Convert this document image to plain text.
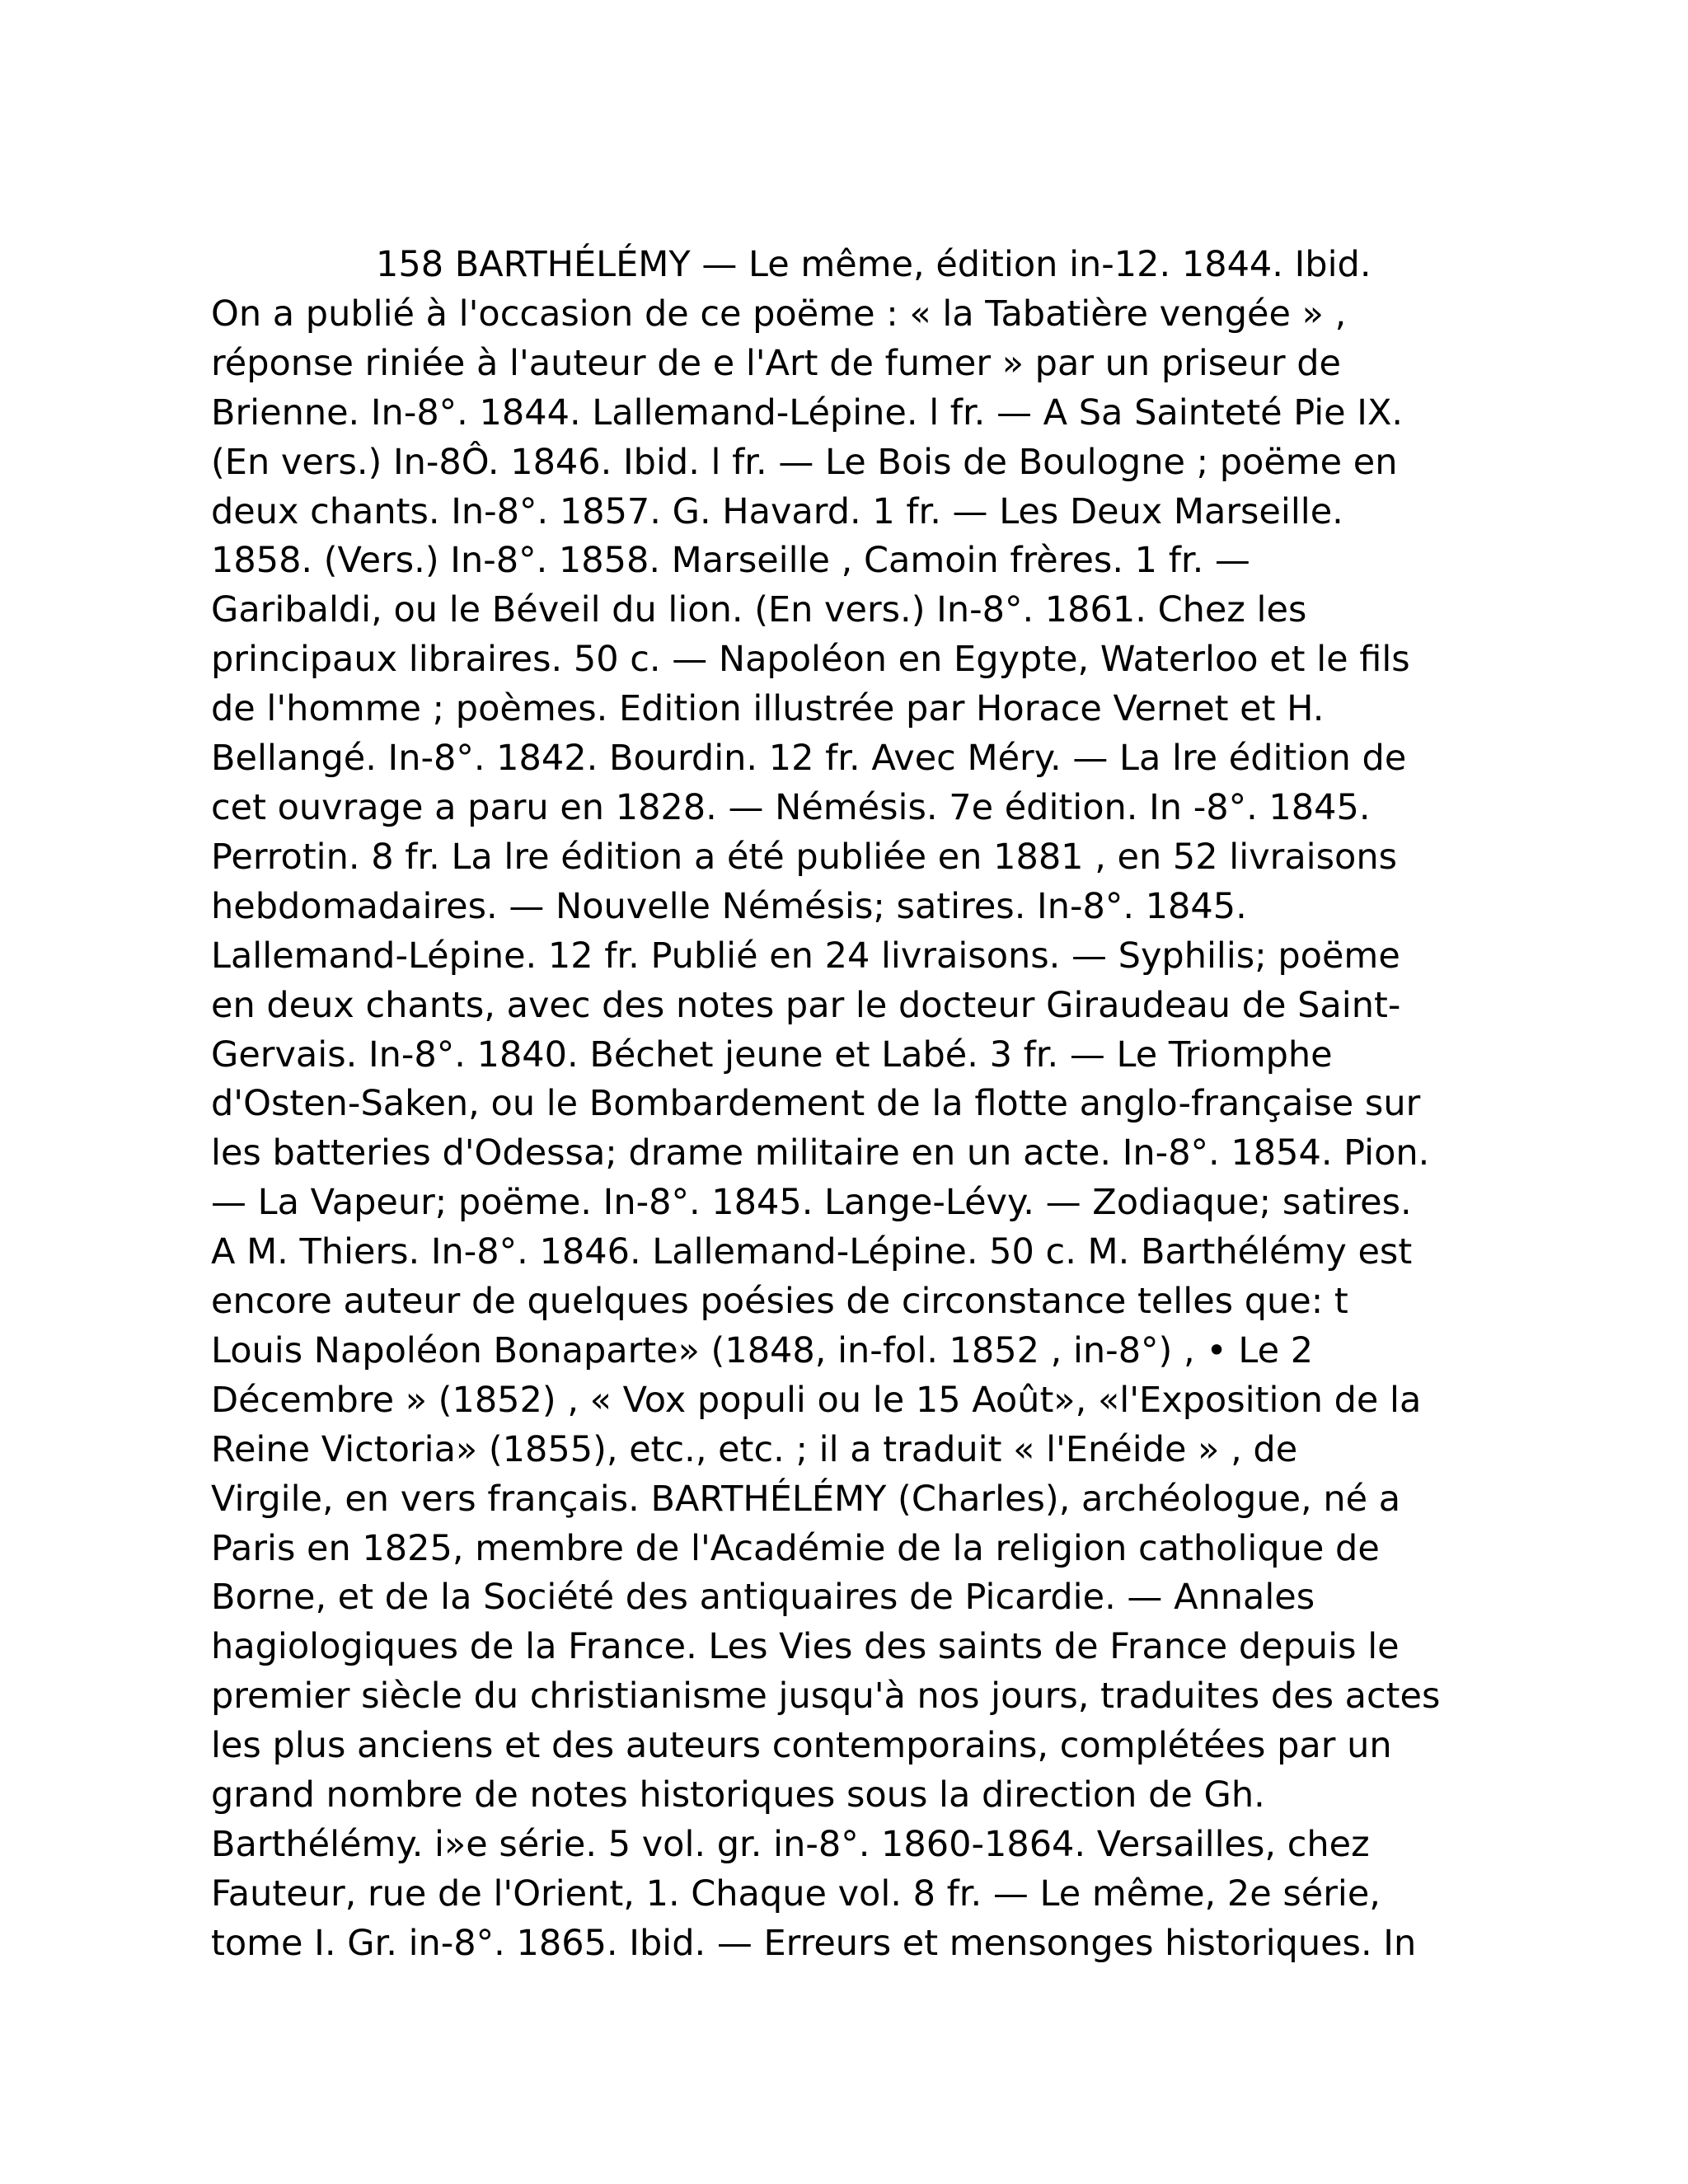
158 BARTHÉLÉMY — Le même, édition in-12. 1844. Ibid.
On a publié à l'occasion de ce poëme : « la Tabatière vengée » ,
réponse riniée à l'auteur de e l'Art de fumer » par un priseur de
Brienne. In-8°. 1844. Lallemand-Lépine. l fr. — A Sa Sainteté Pie IX.
(En vers.) In-8Ô. 1846. Ibid. l fr. — Le Bois de Boulogne ; poëme en
deux chants. In-8°. 1857. G. Havard. 1 fr. — Les Deux Marseille.
1858. (Vers.) In-8°. 1858. Marseille , Camoin frères. 1 fr. —
Garibaldi, ou le Béveil du lion. (En vers.) In-8°. 1861. Chez les
principaux libraires. 50 c. — Napoléon en Egypte, Waterloo et le fils
de l'homme ; poèmes. Edition illustrée par Horace Vernet et H.
Bellangé. In-8°. 1842. Bourdin. 12 fr. Avec Méry. — La lre édition de
cet ouvrage a paru en 1828. — Némésis. 7e édition. In -8°. 1845.
Perrotin. 8 fr. La lre édition a été publiée en 1881 , en 52 livraisons
hebdomadaires. — Nouvelle Némésis; satires. In-8°. 1845.
Lallemand-Lépine. 12 fr. Publié en 24 livraisons. — Syphilis; poëme
en deux chants, avec des notes par le docteur Giraudeau de Saint-
Gervais. In-8°. 1840. Béchet jeune et Labé. 3 fr. — Le Triomphe
d'Osten-Saken, ou le Bombardement de la flotte anglo-française sur
les batteries d'Odessa; drame militaire en un acte. In-8°. 1854. Pion.
— La Vapeur; poëme. In-8°. 1845. Lange-Lévy. — Zodiaque; satires.
A M. Thiers. In-8°. 1846. Lallemand-Lépine. 50 c. M. Barthélémy est
encore auteur de quelques poésies de circonstance telles que: t
Louis Napoléon Bonaparte» (1848, in-fol. 1852 , in-8°) , • Le 2
Décembre » (1852) , « Vox populi ou le 15 Août», «l'Exposition de la
Reine Victoria» (1855), etc., etc. ; il a traduit « l'Enéide » , de
Virgile, en vers français. BARTHÉLÉMY (Charles), archéologue, né a
Paris en 1825, membre de l'Académie de la religion catholique de
Borne, et de la Société des antiquaires de Picardie. — Annales
hagiologiques de la France. Les Vies des saints de France depuis le
premier siècle du christianisme jusqu'à nos jours, traduites des actes
les plus anciens et des auteurs contemporains, complétées par un
grand nombre de notes historiques sous la direction de Gh.
Barthélémy. i»e série. 5 vol. gr. in-8°. 1860-1864. Versailles, chez
Fauteur, rue de l'Orient, 1. Chaque vol. 8 fr. — Le même, 2e série,
tome I. Gr. in-8°. 1865. Ibid. — Erreurs et mensonges historiques. In
